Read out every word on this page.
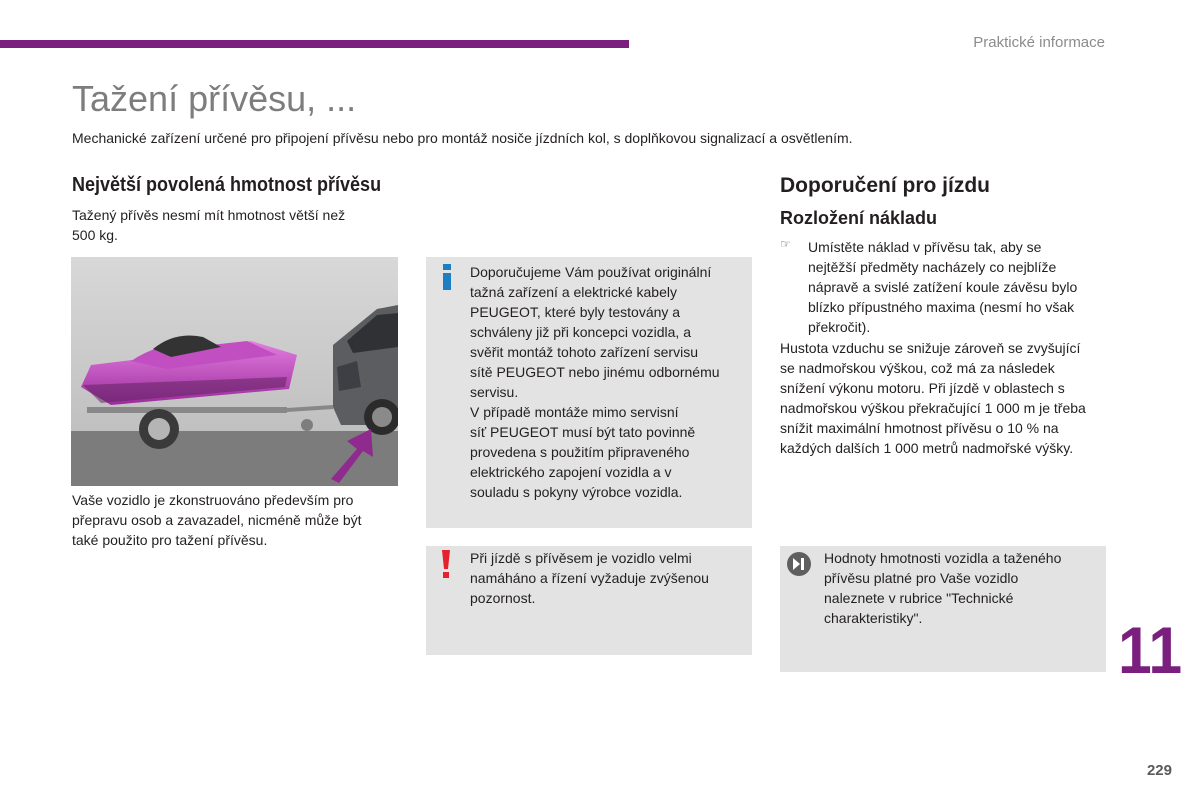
Praktické informace
Tažení přívěsu, ...
Mechanické zařízení určené pro připojení přívěsu nebo pro montáž nosiče jízdních kol, s doplňkovou signalizací a osvětlením.
Největší povolená hmotnost přívěsu

Tažený přívěs nesmí mít hmotnost větší než

500 kg.

Vaše vozidlo je zkonstruováno především pro

přepravu osob a zavazadel, nicméně může být

také použito pro tažení přívěsu.

Doporučujeme Vám používat originální

tažná zařízení a elektrické kabely

PEUGEOT, které byly testovány a

schváleny již při koncepci vozidla, a

svěřit montáž tohoto zařízení servisu

sítě PEUGEOT nebo jinému odbornému

servisu.

V případě montáže mimo servisní

síť PEUGEOT musí být tato povinně

provedena s použitím připraveného

elektrického zapojení vozidla a v

souladu s pokyny výrobce vozidla.

Při jízdě s přívěsem je vozidlo velmi

namáháno a řízení vyžaduje zvýšenou

pozornost.

Doporučení pro jízdu
Rozložení nákladu
☞ Umístěte náklad v přívěsu tak, aby se

nejtěžší předměty nacházely co nejblíže

nápravě a svislé zatížení koule závěsu bylo

blízko přípustného maxima (nesmí ho však

překročit).

Hustota vzduchu se snižuje zároveň se zvyšující

se nadmořskou výškou, což má za následek

snížení výkonu motoru. Při jízdě v oblastech s

nadmořskou výškou překračující 1 000 m je třeba

snížit maximální hmotnost přívěsu o 10 % na

každých dalších 1 000 metrů nadmořské výšky.

Hodnoty hmotnosti vozidla a taženého

přívěsu platné pro Vaše vozidlo

naleznete v rubrice "Technické

charakteristiky".	11
229
